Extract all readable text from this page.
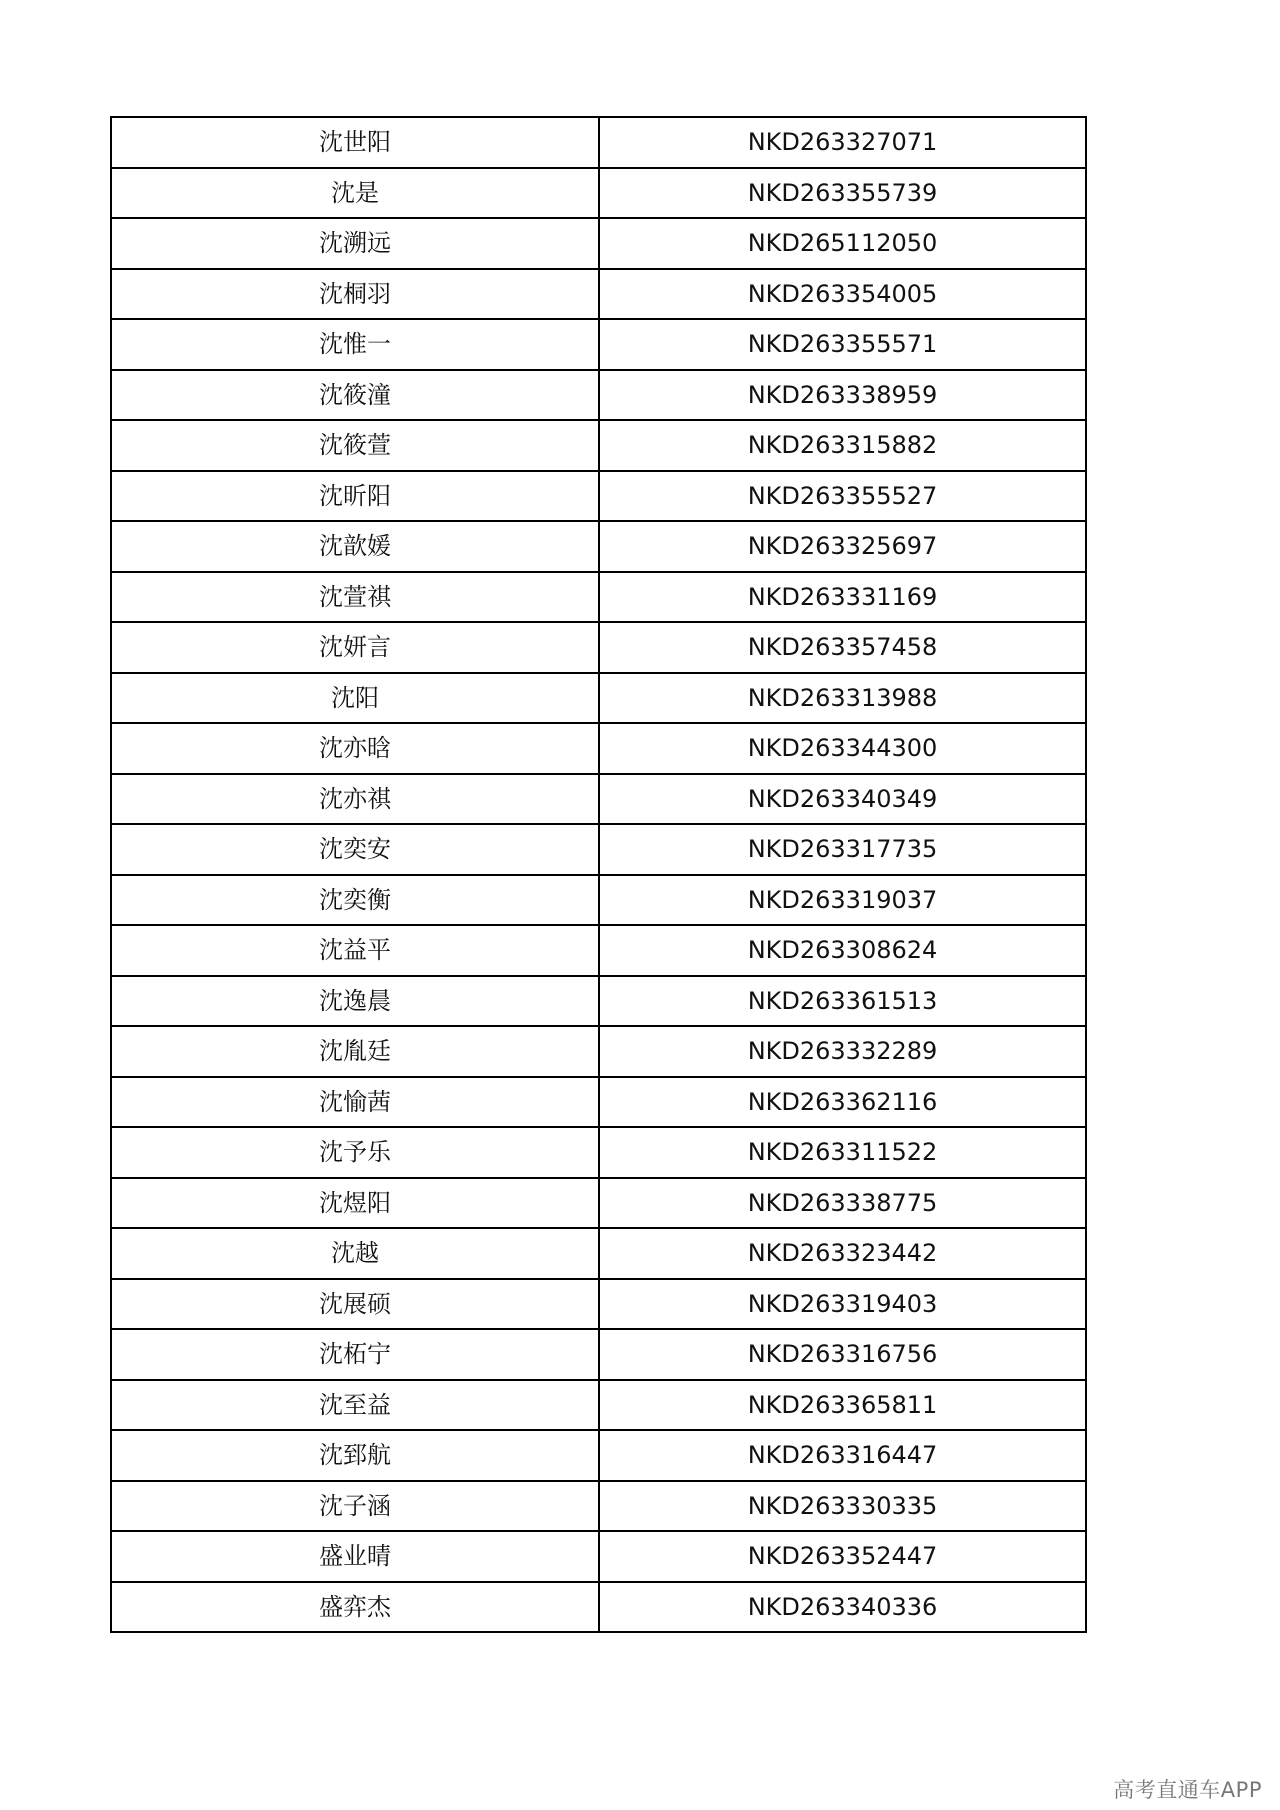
沈世阳	NKD263327071
沈是	NKD263355739
沈溯远	NKD265112050
沈桐羽	NKD263354005
沈惟一	NKD263355571
沈筱潼	NKD263338959
沈筱萱	NKD263315882
沈昕阳	NKD263355527
沈歆媛	NKD263325697
沈萱祺	NKD263331169
沈妍言	NKD263357458
沈阳	NKD263313988
沈亦晗	NKD263344300
沈亦祺	NKD263340349
沈奕安	NKD263317735
沈奕衡	NKD263319037
沈益平	NKD263308624
沈逸晨	NKD263361513
沈胤廷	NKD263332289
沈愉茜	NKD263362116
沈予乐	NKD263311522
沈煜阳	NKD263338775
沈越	NKD263323442
沈展硕	NKD263319403
沈柘宁	NKD263316756
沈至益	NKD263365811
沈郅航	NKD263316447
沈子涵	NKD263330335
盛业晴	NKD263352447
盛弈杰	NKD263340336
高考直通车APP
